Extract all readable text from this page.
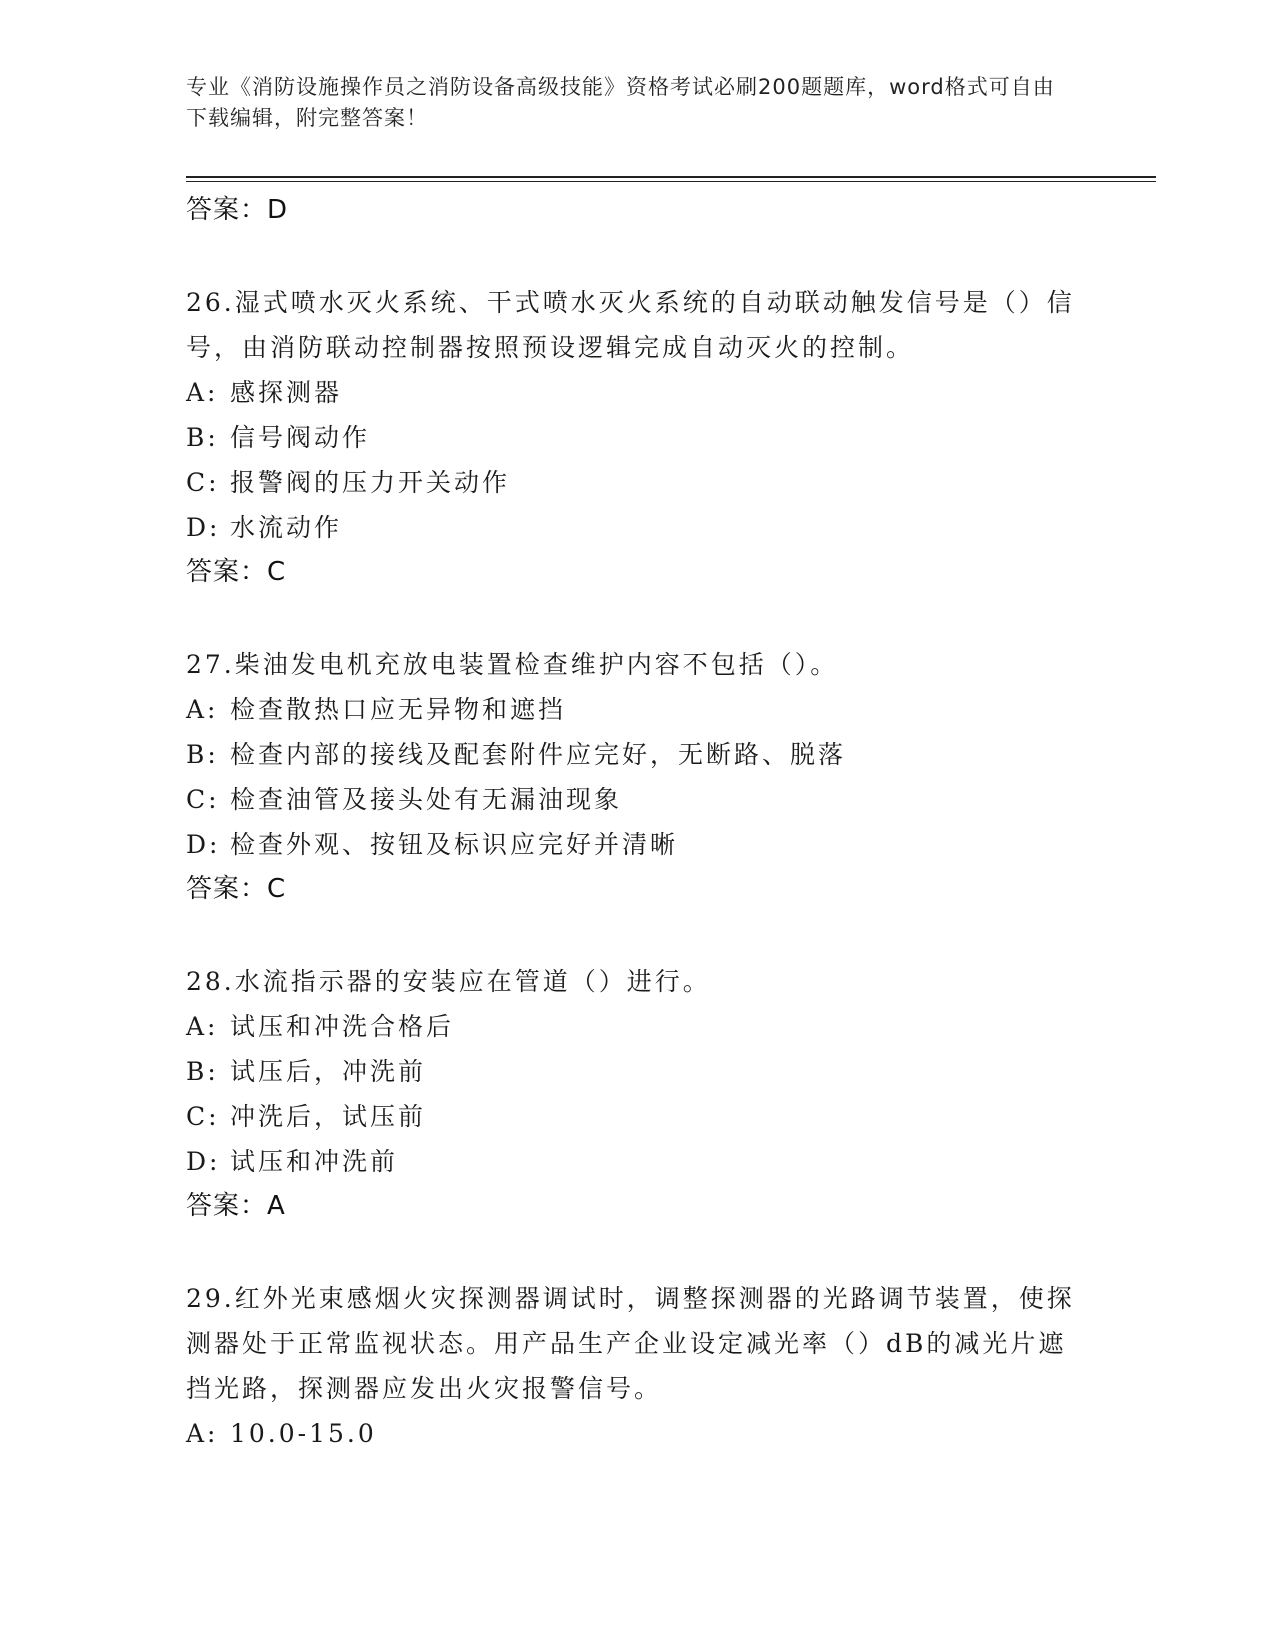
专业《消防设施操作员之消防设备高级技能》资格考试必刷200题题库，word格式可自由下载编辑，附完整答案！
答案：D
26.湿式喷水灭火系统、干式喷水灭火系统的自动联动触发信号是（）信号，由消防联动控制器按照预设逻辑完成自动灭火的控制。
A: 感探测器
B: 信号阀动作
C: 报警阀的压力开关动作
D: 水流动作
答案：C
27.柴油发电机充放电装置检查维护内容不包括（）。
A: 检查散热口应无异物和遮挡
B: 检查内部的接线及配套附件应完好，无断路、脱落
C: 检查油管及接头处有无漏油现象
D: 检查外观、按钮及标识应完好并清晰
答案：C
28.水流指示器的安装应在管道（）进行。
A: 试压和冲洗合格后
B: 试压后，冲洗前
C: 冲洗后，试压前
D: 试压和冲洗前
答案：A
29.红外光束感烟火灾探测器调试时，调整探测器的光路调节装置，使探测器处于正常监视状态。用产品生产企业设定减光率（）dB的减光片遮挡光路，探测器应发出火灾报警信号。
A: 10.0-15.0
